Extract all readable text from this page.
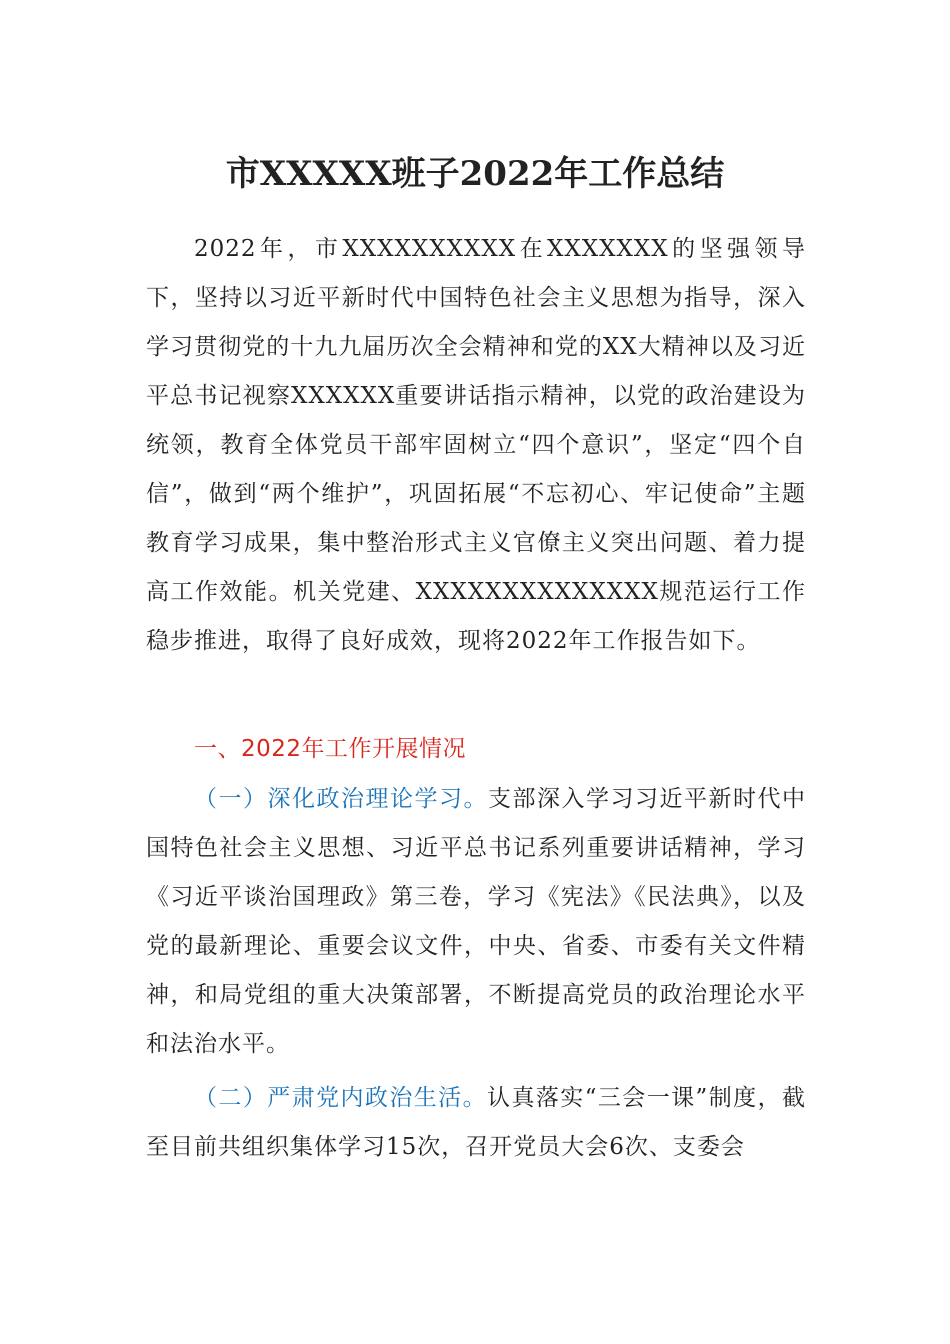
市XXXXX班子2022年工作总结

2022年，市XXXXXXXXXX在XXXXXXX的坚强领导下，坚持以习近平新时代中国特色社会主义思想为指导，深入学习贯彻党的十九九届历次全会精神和党的XX大精神以及习近平总书记视察XXXXXX重要讲话指示精神，以党的政治建设为统领，教育全体党员干部牢固树立“四个意识”，坚定“四个自信”，做到“两个维护”，巩固拓展“不忘初心、牢记使命”主题教育学习成果，集中整治形式主义官僚主义突出问题、着力提高工作效能。机关党建、XXXXXXXXXXXXXX规范运行工作稳步推进，取得了良好成效，现将2022年工作报告如下。

一、2022年工作开展情况

（一）深化政治理论学习。支部深入学习习近平新时代中国特色社会主义思想、习近平总书记系列重要讲话精神，学习《习近平谈治国理政》第三卷，学习《宪法》《民法典》，以及党的最新理论、重要会议文件，中央、省委、市委有关文件精神，和局党组的重大决策部署，不断提高党员的政治理论水平和法治水平。

（二）严肃党内政治生活。认真落实“三会一课”制度，截至目前共组织集体学习15次，召开党员大会6次、支委会
